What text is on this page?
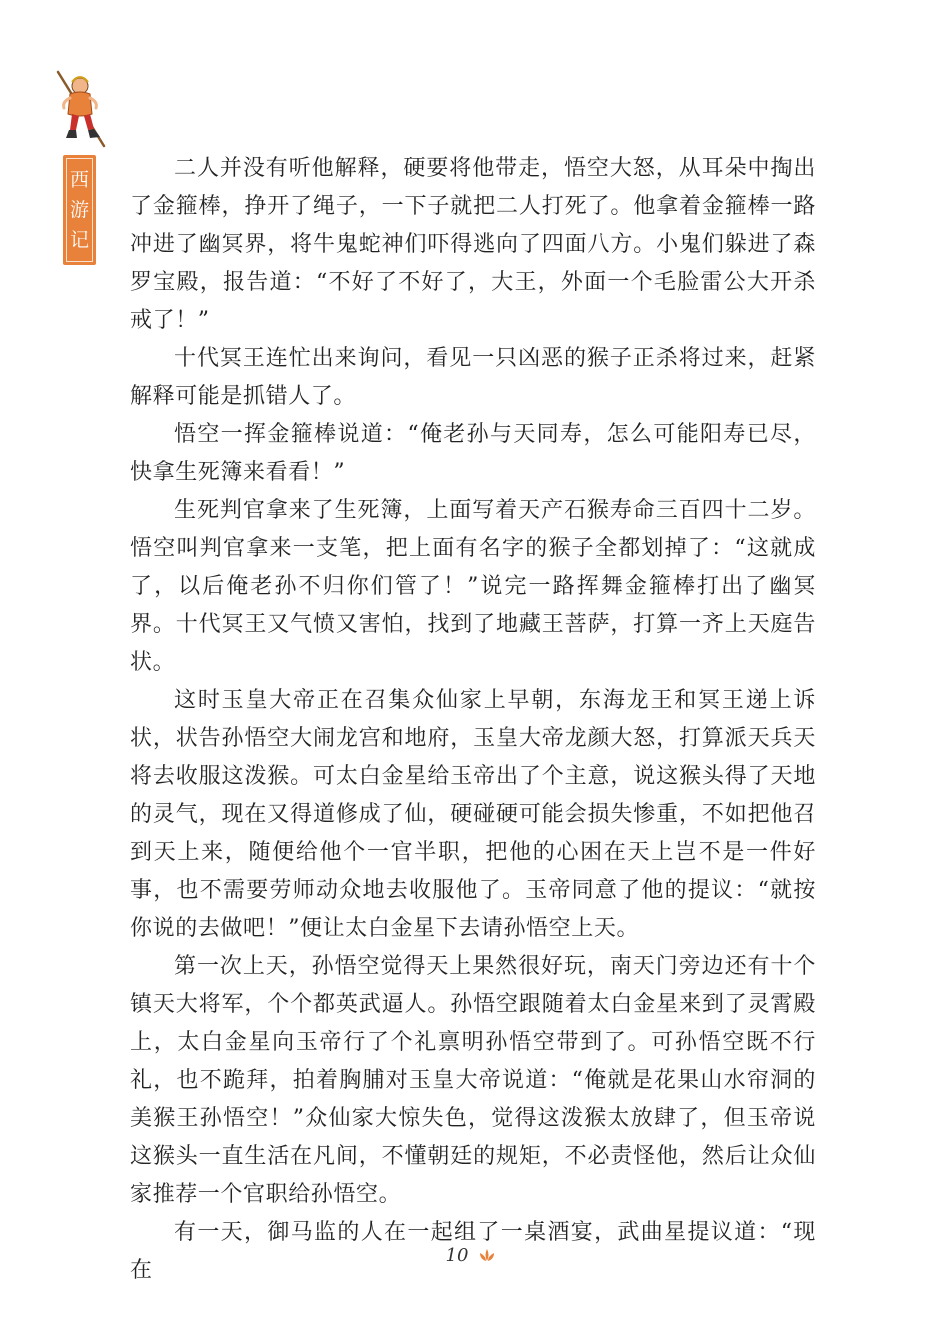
西
游
记

二人并没有听他解释，硬要将他带走，悟空大怒，从耳朵中掏出了金箍棒，挣开了绳子，一下子就把二人打死了。他拿着金箍棒一路冲进了幽冥界，将牛鬼蛇神们吓得逃向了四面八方。小鬼们躲进了森罗宝殿，报告道：“不好了不好了，大王，外面一个毛脸雷公大开杀戒了！”

十代冥王连忙出来询问，看见一只凶恶的猴子正杀将过来，赶紧解释可能是抓错人了。

悟空一挥金箍棒说道：“俺老孙与天同寿，怎么可能阳寿已尽，快拿生死簿来看看！”

生死判官拿来了生死簿，上面写着天产石猴寿命三百四十二岁。悟空叫判官拿来一支笔，把上面有名字的猴子全都划掉了：“这就成了，以后俺老孙不归你们管了！”说完一路挥舞金箍棒打出了幽冥界。十代冥王又气愤又害怕，找到了地藏王菩萨，打算一齐上天庭告状。

这时玉皇大帝正在召集众仙家上早朝，东海龙王和冥王递上诉状，状告孙悟空大闹龙宫和地府，玉皇大帝龙颜大怒，打算派天兵天将去收服这泼猴。可太白金星给玉帝出了个主意，说这猴头得了天地的灵气，现在又得道修成了仙，硬碰硬可能会损失惨重，不如把他召到天上来，随便给他个一官半职，把他的心困在天上岂不是一件好事，也不需要劳师动众地去收服他了。玉帝同意了他的提议：“就按你说的去做吧！”便让太白金星下去请孙悟空上天。

第一次上天，孙悟空觉得天上果然很好玩，南天门旁边还有十个镇天大将军，个个都英武逼人。孙悟空跟随着太白金星来到了灵霄殿上，太白金星向玉帝行了个礼禀明孙悟空带到了。可孙悟空既不行礼，也不跪拜，拍着胸脯对玉皇大帝说道：“俺就是花果山水帘洞的美猴王孙悟空！”众仙家大惊失色，觉得这泼猴太放肆了，但玉帝说这猴头一直生活在凡间，不懂朝廷的规矩，不必责怪他，然后让众仙家推荐一个官职给孙悟空。

有一天，御马监的人在一起组了一桌酒宴，武曲星提议道：“现在

10
